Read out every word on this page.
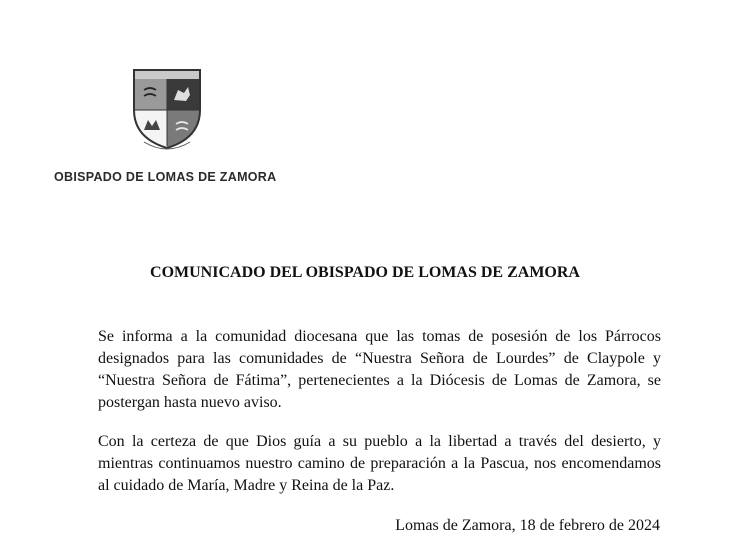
OBISPADO DE LOMAS DE ZAMORA
COMUNICADO DEL OBISPADO DE LOMAS DE ZAMORA

Se informa a la comunidad diocesana que las tomas de posesión de los Párrocos designados para las comunidades de “Nuestra Señora de Lourdes” de Claypole y “Nuestra Señora de Fátima”, pertenecientes a la Diócesis de Lomas de Zamora, se postergan hasta nuevo aviso.

Con la certeza de que Dios guía a su pueblo a la libertad a través del desierto, y mientras continuamos nuestro camino de preparación a la Pascua, nos encomendamos al cuidado de María, Madre y Reina de la Paz.

Lomas de Zamora, 18 de febrero de 2024
